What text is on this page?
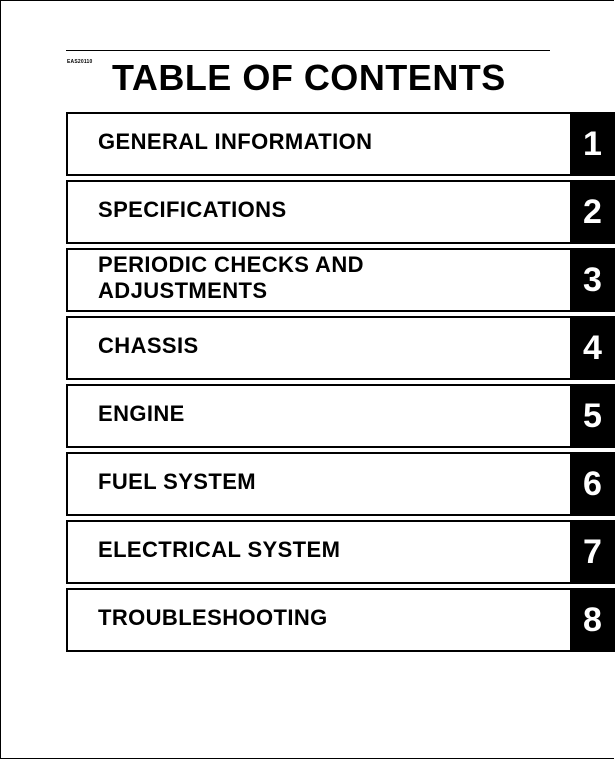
EAS20110 TABLE OF CONTENTS
GENERAL INFORMATION	1
SPECIFICATIONS	2
PERIODIC CHECKS AND
ADJUSTMENTS	3
CHASSIS	4
ENGINE	5
FUEL SYSTEM	6
ELECTRICAL SYSTEM	7
TROUBLESHOOTING	8
